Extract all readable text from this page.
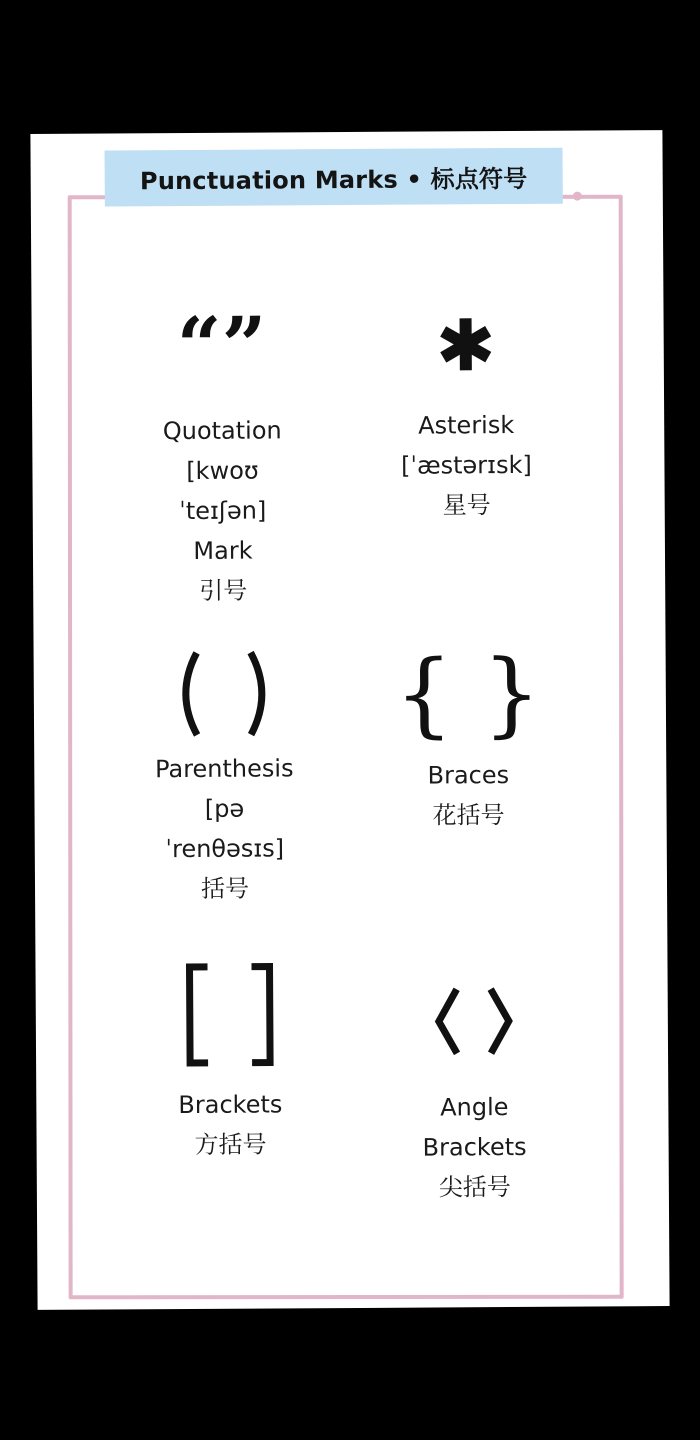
Punctuation Marks • 标点符号
“”
Quotation
[kwoʊ
ˈteɪʃən]
Mark
引号
Asterisk
[ˈæstərɪsk]
星号
Parenthesis
[pə
ˈrenθəsɪs]
括号
{ }
Braces
花括号
Brackets
方括号
Angle
Brackets
尖括号
